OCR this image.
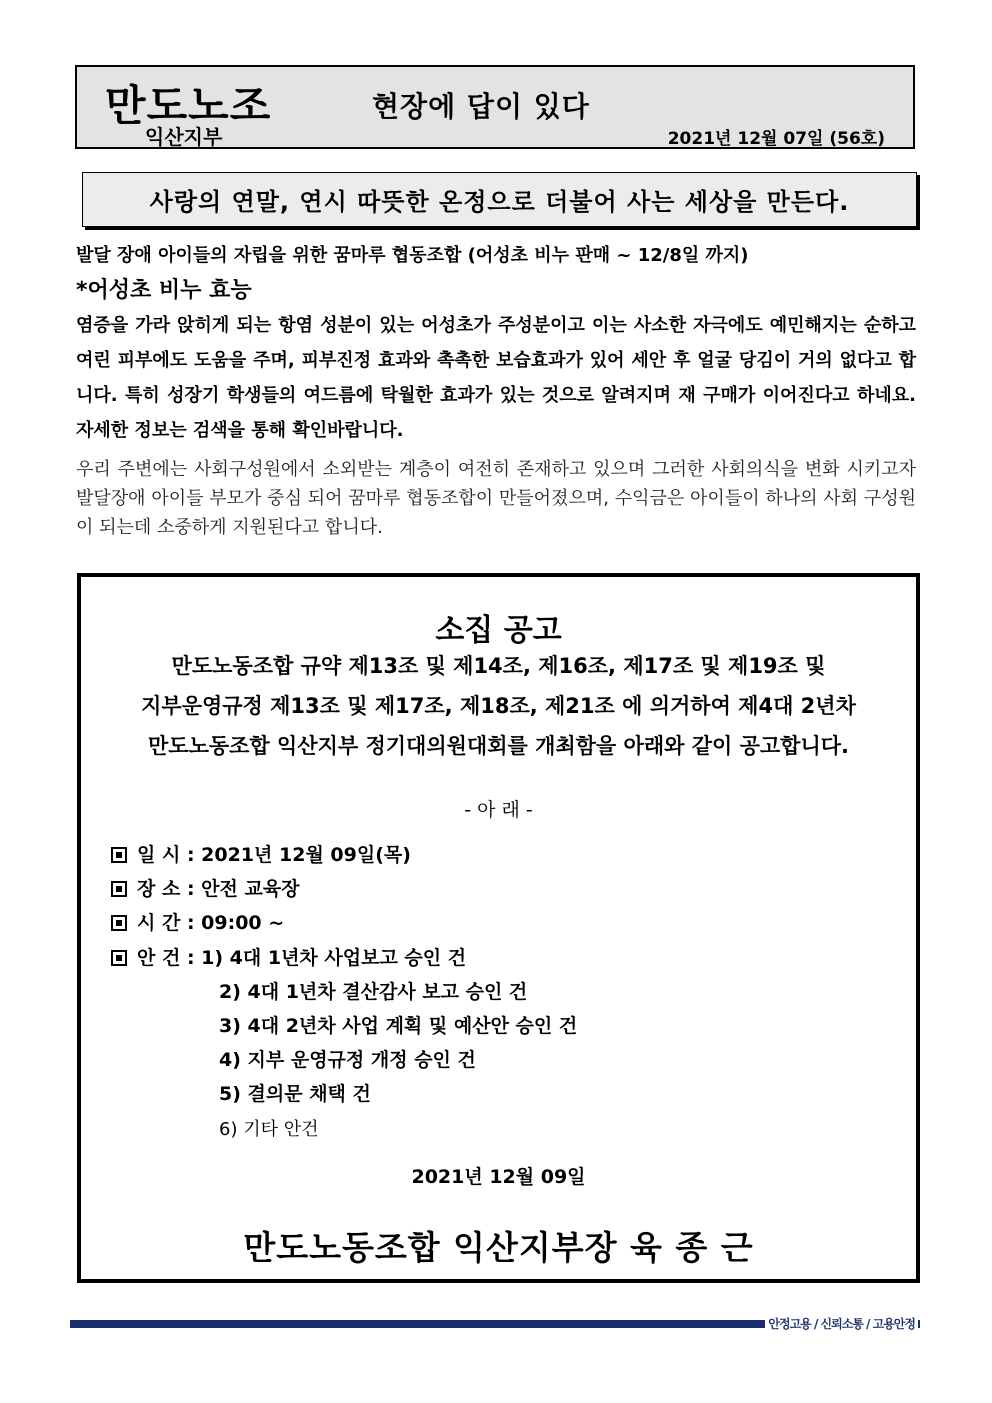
만도노조
익산지부
현장에 답이 있다
2021년 12월 07일 (56호)
사랑의 연말, 연시 따뜻한 온정으로 더불어 사는 세상을 만든다.
발달 장애 아이들의 자립을 위한 꿈마루 협동조합 (어성초 비누 판매 ~ 12/8일 까지)
*어성초 비누 효능
염증을 가라 앉히게 되는 항염 성분이 있는 어성초가 주성분이고 이는 사소한 자극에도 예민해지는 순하고 여린 피부에도 도움을 주며, 피부진정 효과와 촉촉한 보습효과가 있어 세안 후 얼굴 당김이 거의 없다고 합니다. 특히 성장기 학생들의 여드름에 탁월한 효과가 있는 것으로 알려지며 재 구매가 이어진다고 하네요. 자세한 정보는 검색을 통해 확인바랍니다.
우리 주변에는 사회구성원에서 소외받는 계층이 여전히 존재하고 있으며 그러한 사회의식을 변화 시키고자 발달장애 아이들 부모가 중심 되어 꿈마루 협동조합이 만들어졌으며, 수익금은 아이들이 하나의 사회 구성원이 되는데 소중하게 지원된다고 합니다.
소집 공고
만도노동조합 규약 제13조 및 제14조, 제16조, 제17조 및 제19조 및
지부운영규정 제13조 및 제17조, 제18조, 제21조 에 의거하여 제4대 2년차
만도노동조합 익산지부 정기대의원대회를 개최함을 아래와 같이 공고합니다.
- 아 래 -
일 시 : 2021년 12월 09일(목)
장 소 : 안전 교육장
시 간 : 09:00 ~
안 건 : 1) 4대 1년차 사업보고 승인 건
2) 4대 1년차 결산감사 보고 승인 건
3) 4대 2년차 사업 계획 및 예산안 승인 건
4) 지부 운영규정 개정 승인 건
5) 결의문 채택 건
6) 기타 안건
2021년 12월 09일
만도노동조합 익산지부장 육 종 근
안정고용 / 신뢰소통 / 고용안정
